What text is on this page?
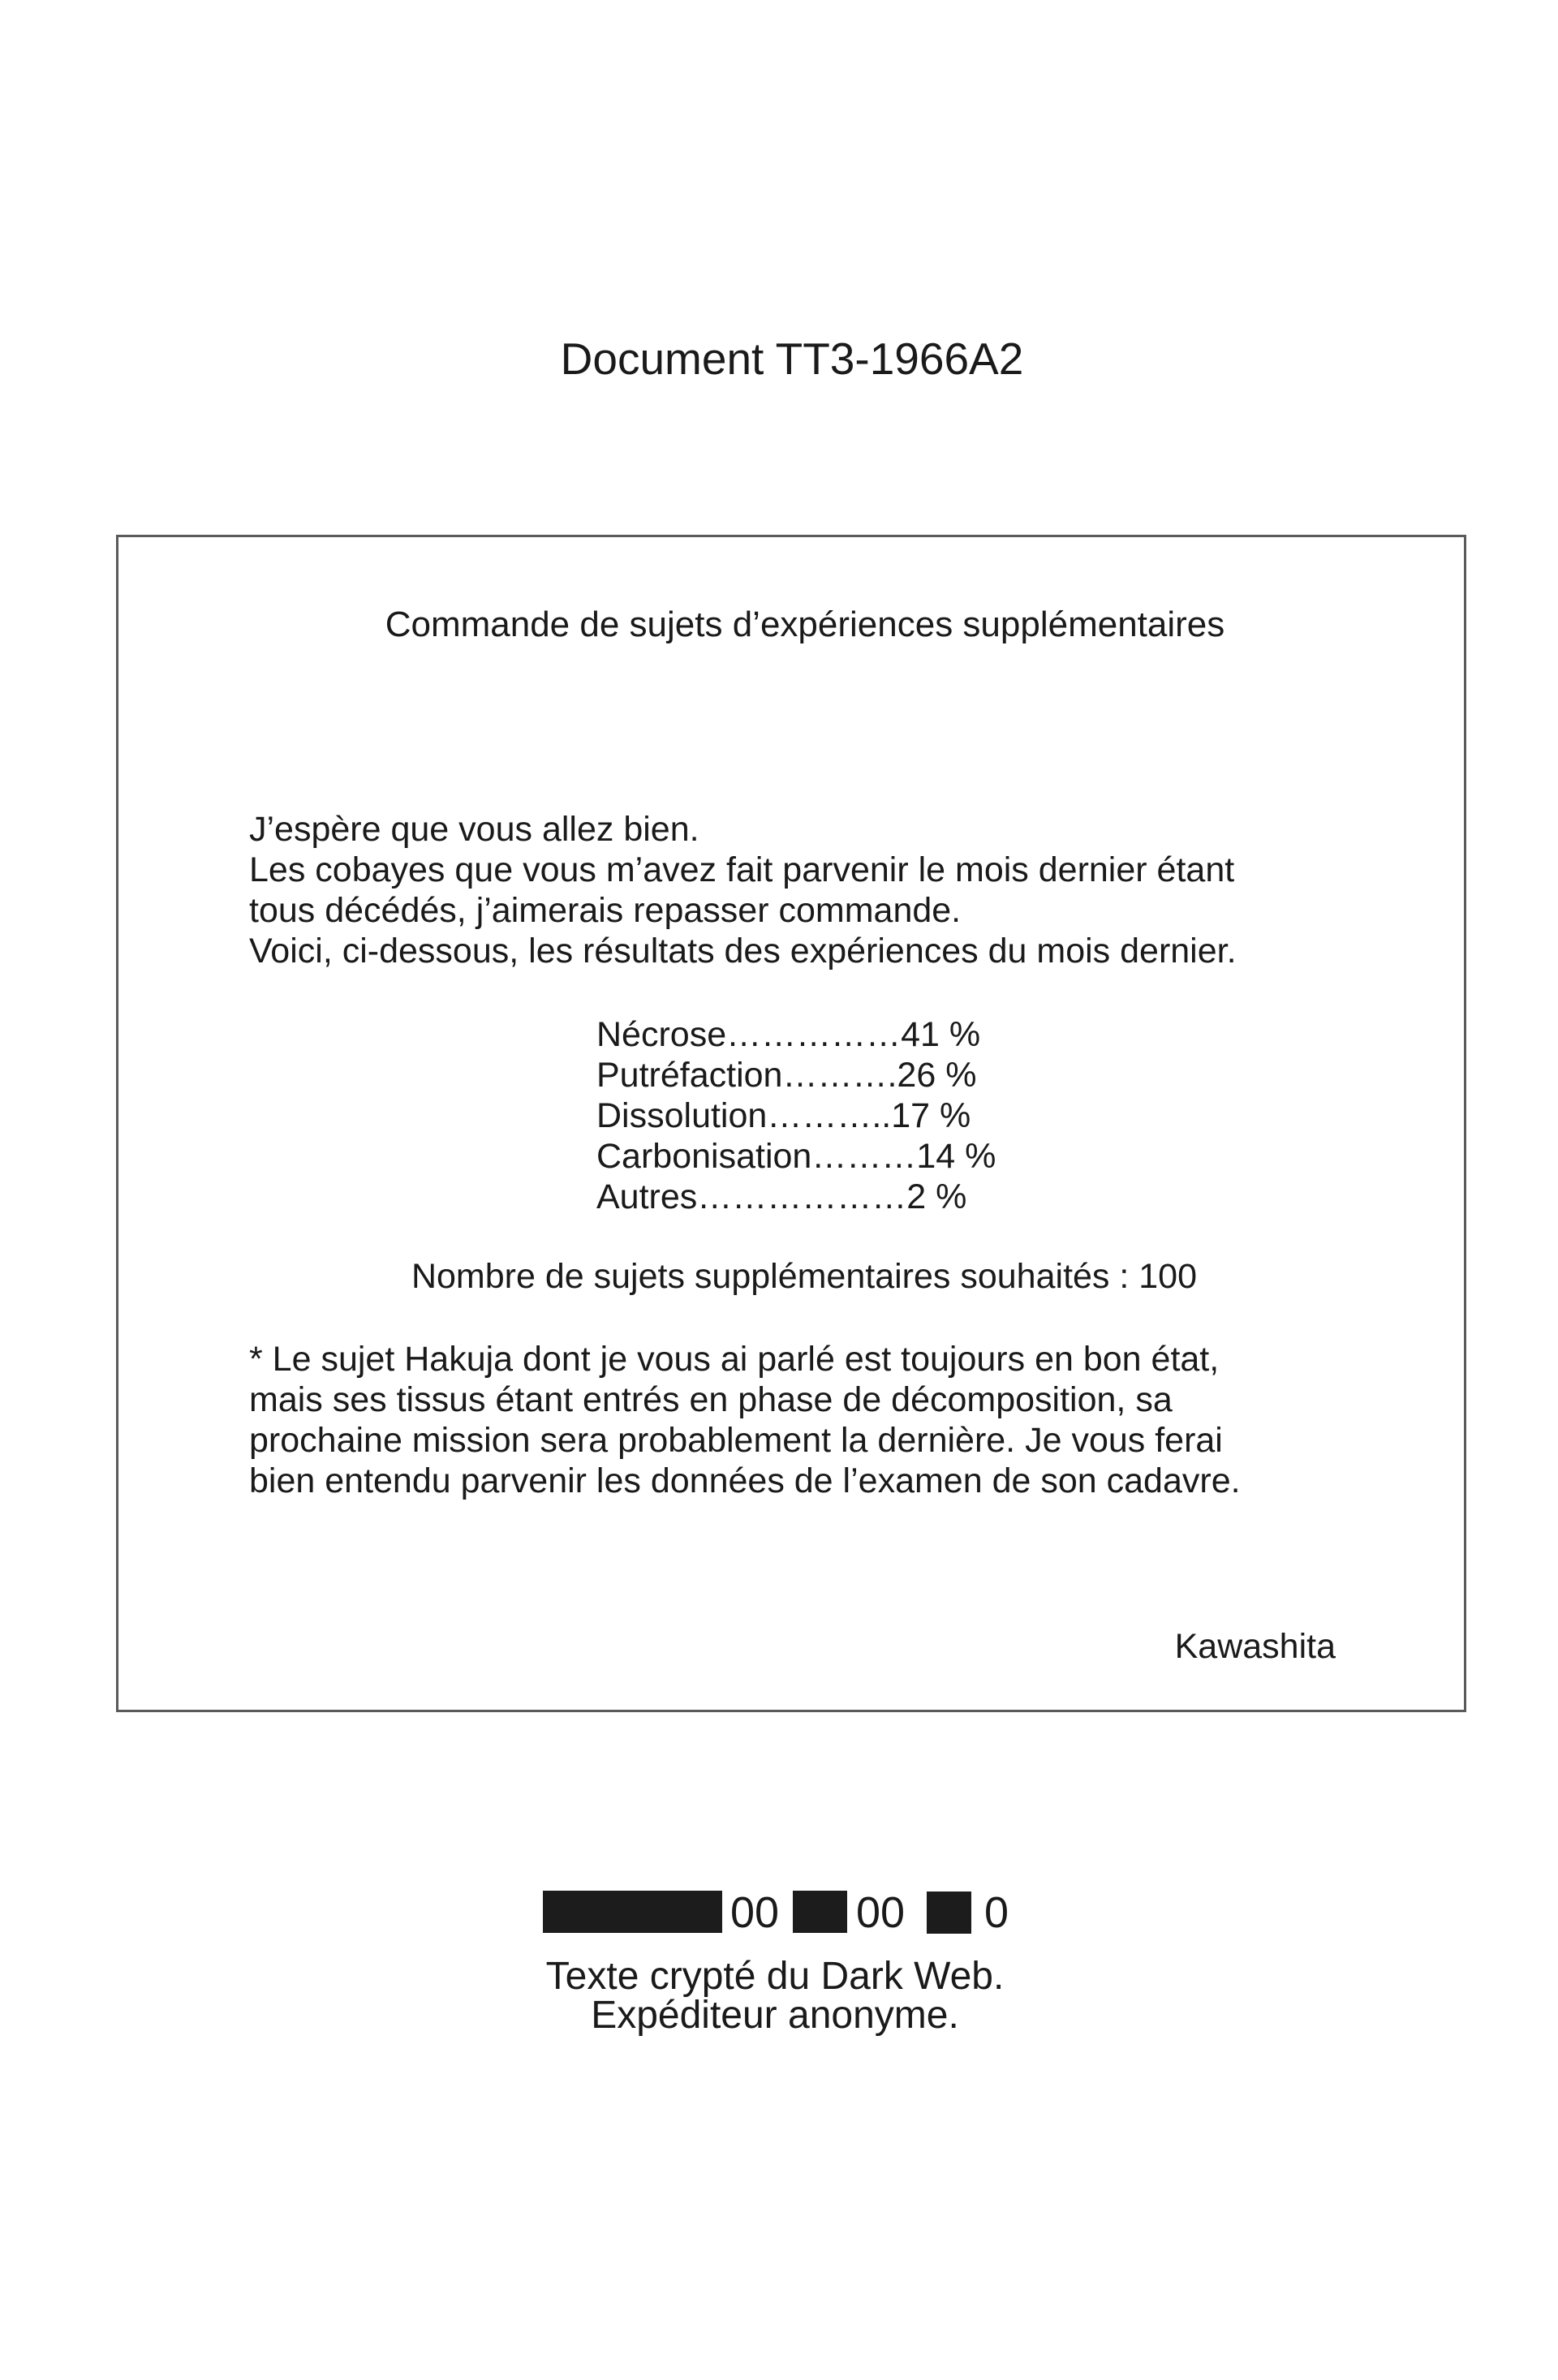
Document TT3-1966A2
Commande de sujets d’expériences supplémentaires
J’espère que vous allez bien.
Les cobayes que vous m’avez fait parvenir le mois dernier étant
tous décédés, j’aimerais repasser commande.
Voici, ci-dessous, les résultats des expériences du mois dernier.
Nécrose……………41 %
Putréfaction……….26 %
Dissolution………..17 %
Carbonisation………14 %
Autres………………2 %
Nombre de sujets supplémentaires souhaités : 100
* Le sujet Hakuja dont je vous ai parlé est toujours en bon état,
mais ses tissus étant entrés en phase de décomposition, sa
prochaine mission sera probablement la dernière. Je vous ferai
bien entendu parvenir les données de l’examen de son cadavre.
Kawashita
00 00 0
Texte crypté du Dark Web.
Expéditeur anonyme.
